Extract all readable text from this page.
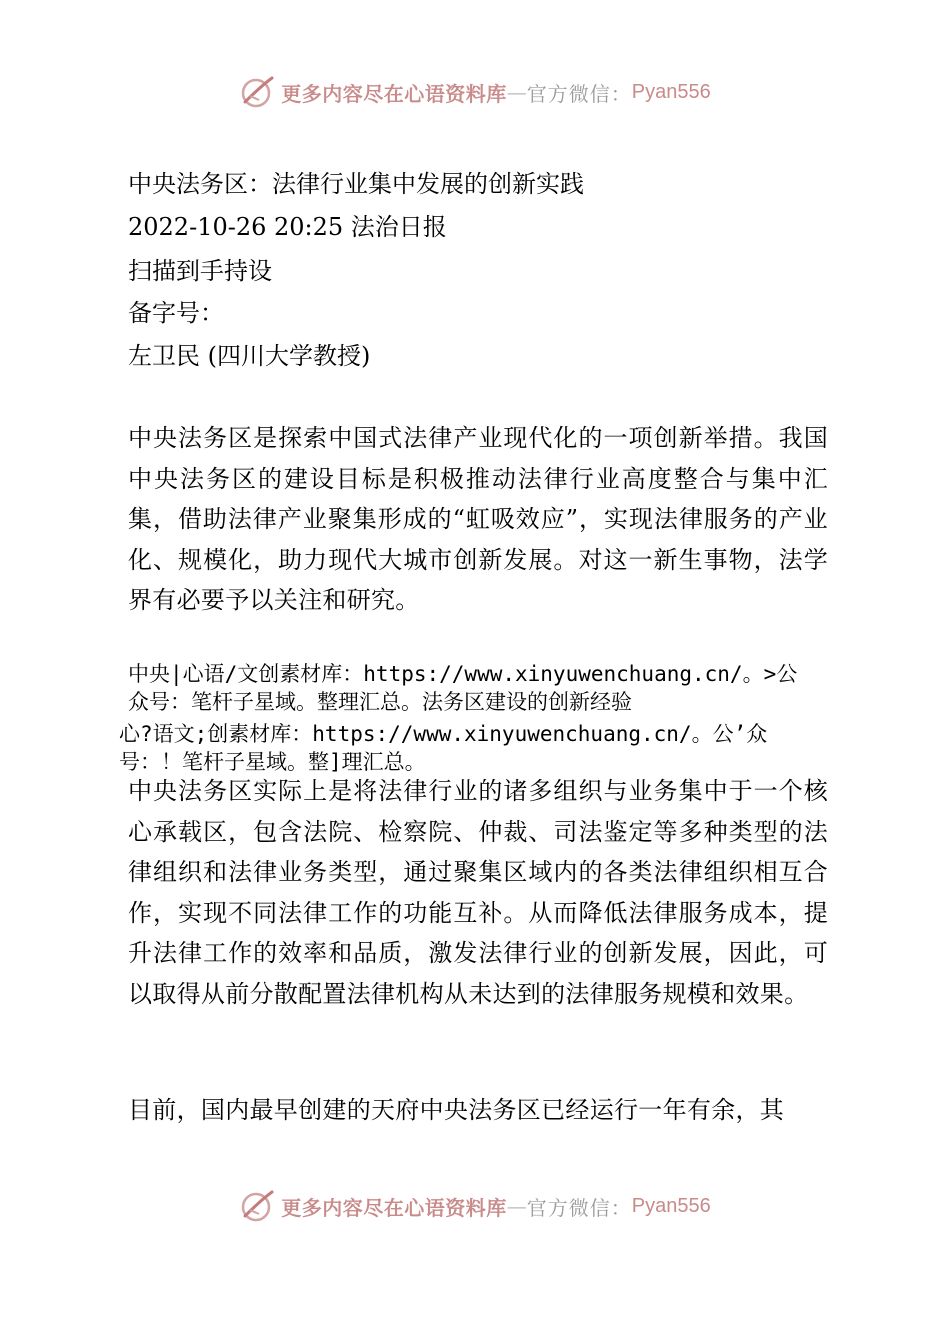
更多内容尽在心语资料库 — 官方微信： Pyan556
中央法务区：法律行业集中发展的创新实践
2022-10-26 20:25 法治日报
扫描到手持设
备字号：
左卫民 (四川大学教授)
中央法务区是探索中国式法律产业现代化的一项创新举措。我国中央法务区的建设目标是积极推动法律行业高度整合与集中汇集，借助法律产业聚集形成的“虹吸效应”，实现法律服务的产业化、规模化，助力现代大城市创新发展。对这一新生事物，法学界有必要予以关注和研究。
中央|心语/文创素材库：https://www.xinyuwenchuang.cn/。>公
众号：笔杆子星域。整理汇总。法务区建设的创新经验
心?语文;创素材库：https://www.xinyuwenchuang.cn/。公’众
号：！笔杆子星域。整]理汇总。
中央法务区实际上是将法律行业的诸多组织与业务集中于一个核心承载区，包含法院、检察院、仲裁、司法鉴定等多种类型的法律组织和法律业务类型，通过聚集区域内的各类法律组织相互合作，实现不同法律工作的功能互补。从而降低法律服务成本，提升法律工作的效率和品质，激发法律行业的创新发展，因此，可以取得从前分散配置法律机构从未达到的法律服务规模和效果。
目前，国内最早创建的天府中央法务区已经运行一年有余，其
更多内容尽在心语资料库 — 官方微信： Pyan556
